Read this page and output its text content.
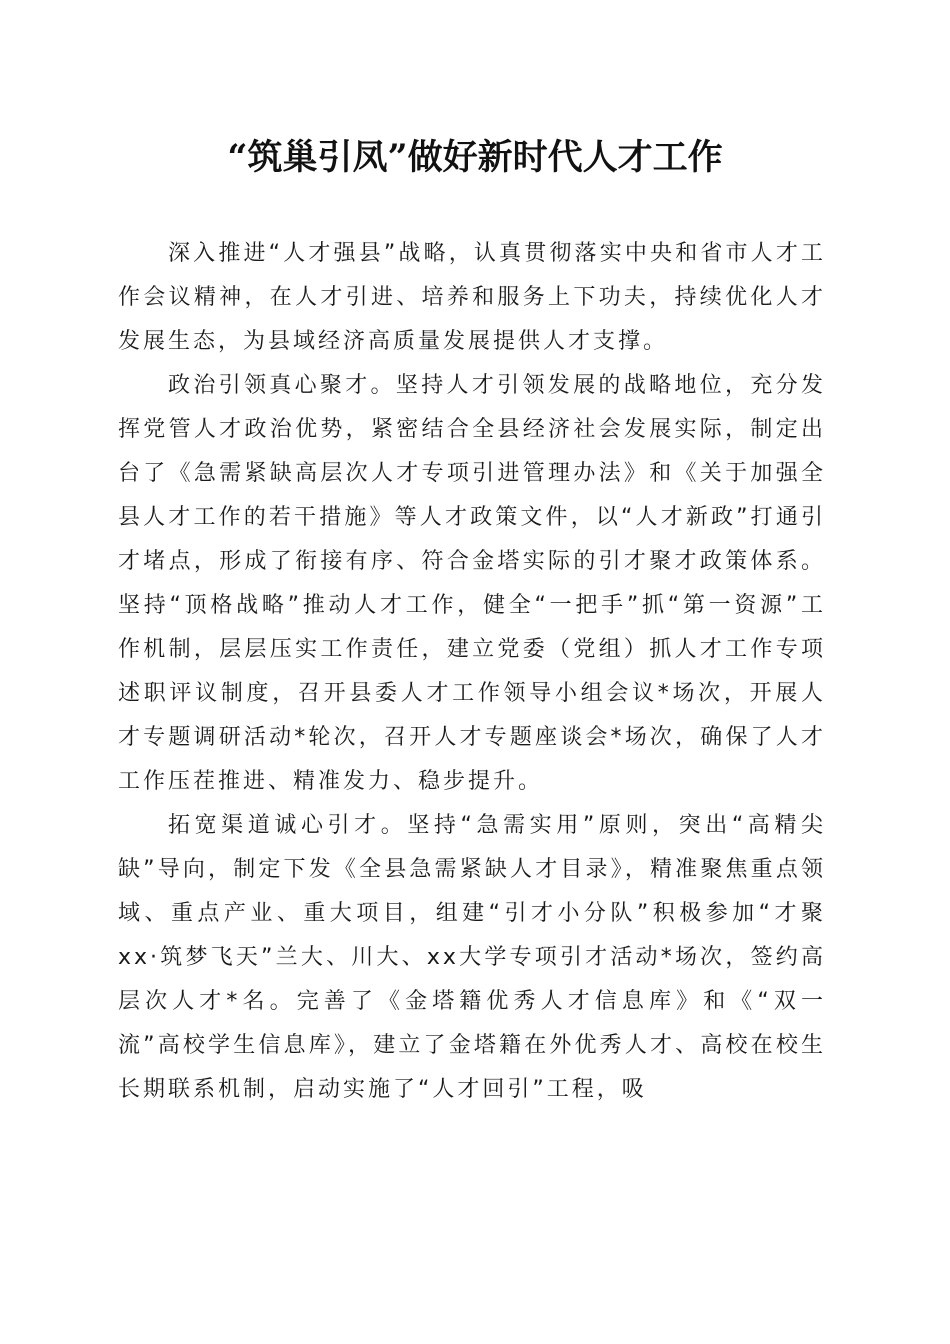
“筑巢引凤”做好新时代人才工作

深入推进“人才强县”战略，认真贯彻落实中央和省市人才工作会议精神，在人才引进、培养和服务上下功夫，持续优化人才发展生态，为县域经济高质量发展提供人才支撑。

政治引领真心聚才。坚持人才引领发展的战略地位，充分发挥党管人才政治优势，紧密结合全县经济社会发展实际，制定出台了《急需紧缺高层次人才专项引进管理办法》和《关于加强全县人才工作的若干措施》等人才政策文件，以“人才新政”打通引才堵点，形成了衔接有序、符合金塔实际的引才聚才政策体系。坚持“顶格战略”推动人才工作，健全“一把手”抓“第一资源”工作机制，层层压实工作责任，建立党委（党组）抓人才工作专项述职评议制度，召开县委人才工作领导小组会议*场次，开展人才专题调研活动*轮次，召开人才专题座谈会*场次，确保了人才工作压茬推进、精准发力、稳步提升。

拓宽渠道诚心引才。坚持“急需实用”原则，突出“高精尖缺”导向，制定下发《全县急需紧缺人才目录》，精准聚焦重点领域、重点产业、重大项目，组建“引才小分队”积极参加“才聚xx·筑梦飞天”兰大、川大、xx大学专项引才活动*场次，签约高层次人才*名。完善了《金塔籍优秀人才信息库》和《“双一流”高校学生信息库》，建立了金塔籍在外优秀人才、高校在校生长期联系机制，启动实施了“人才回引”工程，吸
